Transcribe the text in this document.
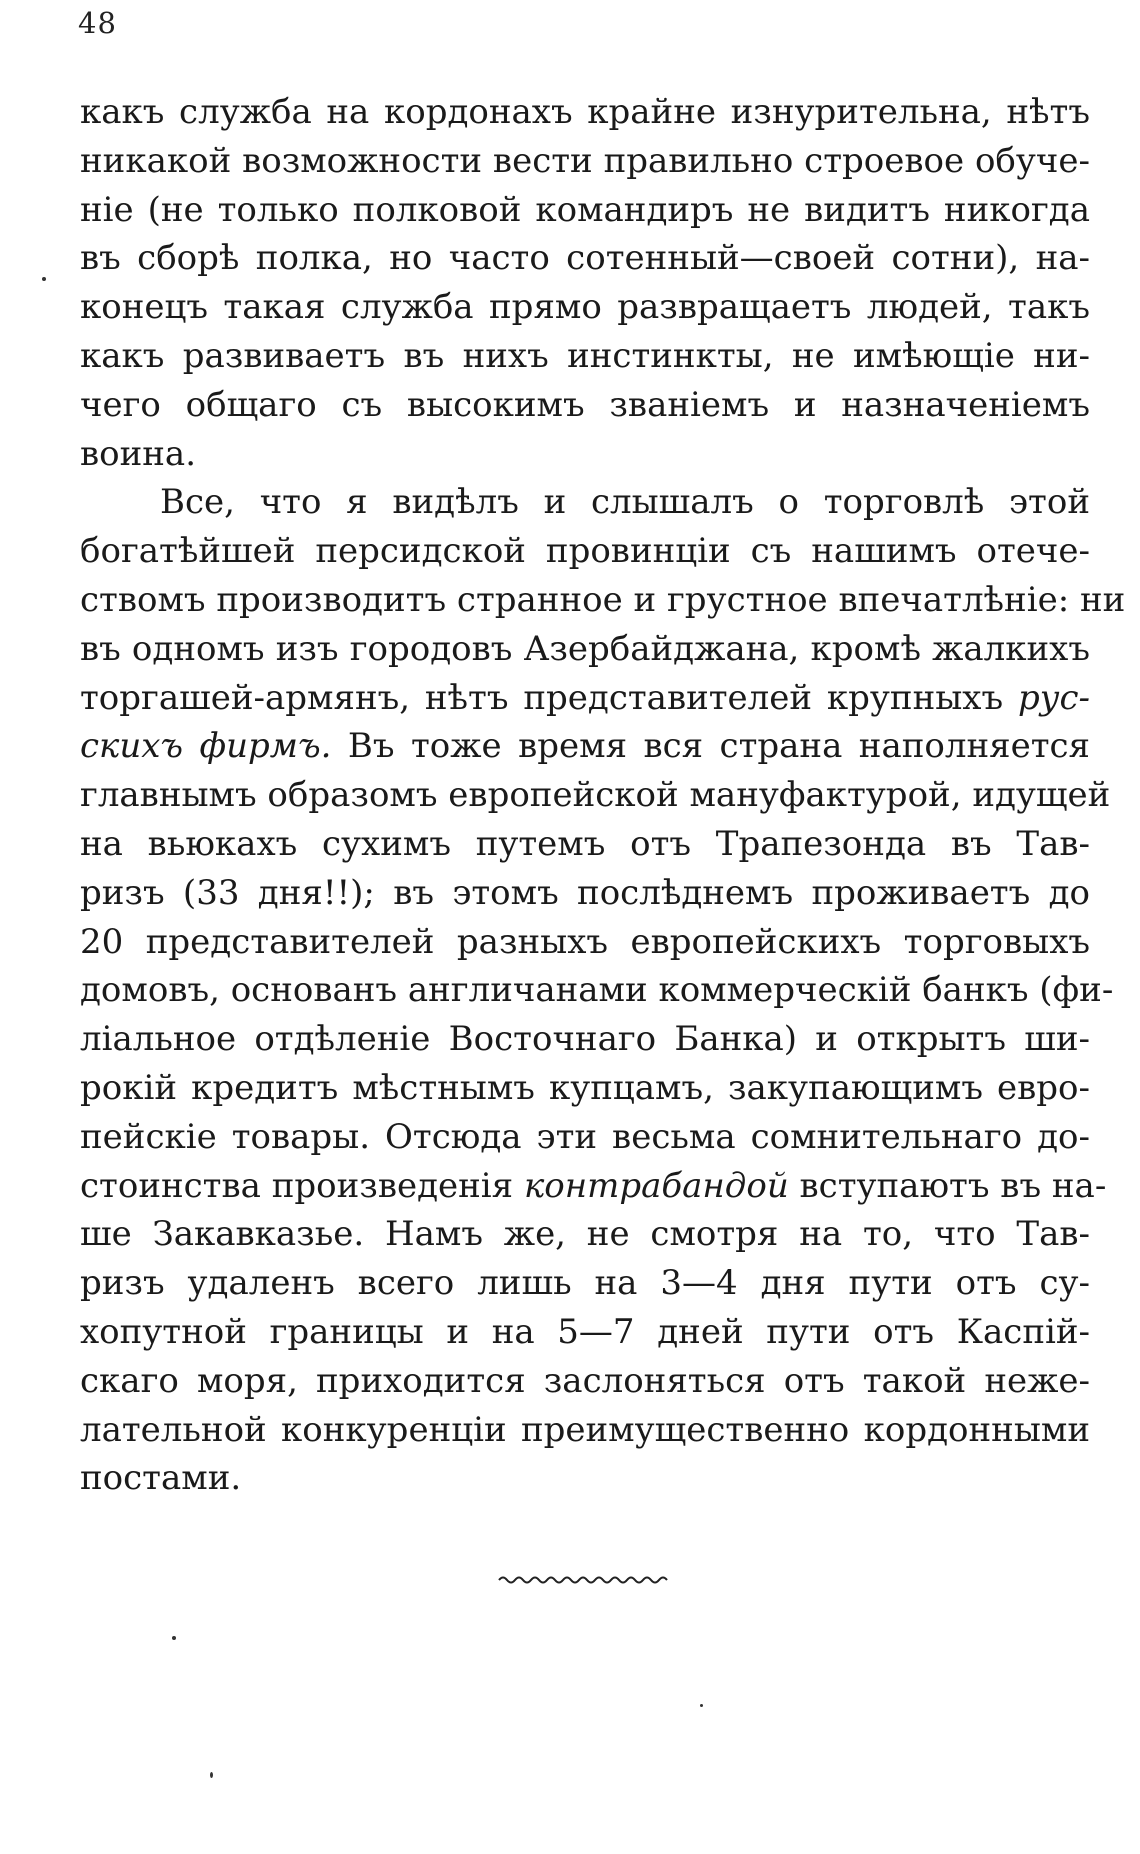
48
какъ служба на кордонахъ крайне изнурительна, нѣтъ
никакой возможности вести правильно строевое обуче-
нiе (не только полковой командиръ не видитъ никогда
въ сборѣ полка, но часто сотенный—своей сотни), на-
конецъ такая служба прямо развращаетъ людей, такъ
какъ развиваетъ въ нихъ инстинкты, не имѣющiе ни-
чего общаго съ высокимъ званiемъ и назначенiемъ
воина.
Все, что я видѣлъ и слышалъ о торговлѣ этой
богатѣйшей персидской провинцiи съ нашимъ отече-
ствомъ производитъ странное и грустное впечатлѣнiе: ни
въ одномъ изъ городовъ Азербайджана, кромѣ жалкихъ
торгашей-армянъ, нѣтъ представителей крупныхъ рус-
скихъ фирмъ. Въ тоже время вся страна наполняется
главнымъ образомъ европейской мануфактурой, идущей
на вьюкахъ сухимъ путемъ отъ Трапезонда въ Тав-
ризъ (33 дня!!); въ этомъ послѣднемъ проживаетъ до
20 представителей разныхъ европейскихъ торговыхъ
домовъ, основанъ англичанами коммерческiй банкъ (фи-
лiальное отдѣленiе Восточнаго Банка) и открытъ ши-
рокiй кредитъ мѣстнымъ купцамъ, закупающимъ евро-
пейскiе товары. Отсюда эти весьма сомнительнаго до-
стоинства произведенiя контрабандой вступаютъ въ на-
ше Закавказье. Намъ же, не смотря на то, что Тав-
ризъ удаленъ всего лишь на 3—4 дня пути отъ су-
хопутной границы и на 5—7 дней пути отъ Каспiй-
скаго моря, приходится заслоняться отъ такой неже-
лательной конкуренцiи преимущественно кордонными
постами.
